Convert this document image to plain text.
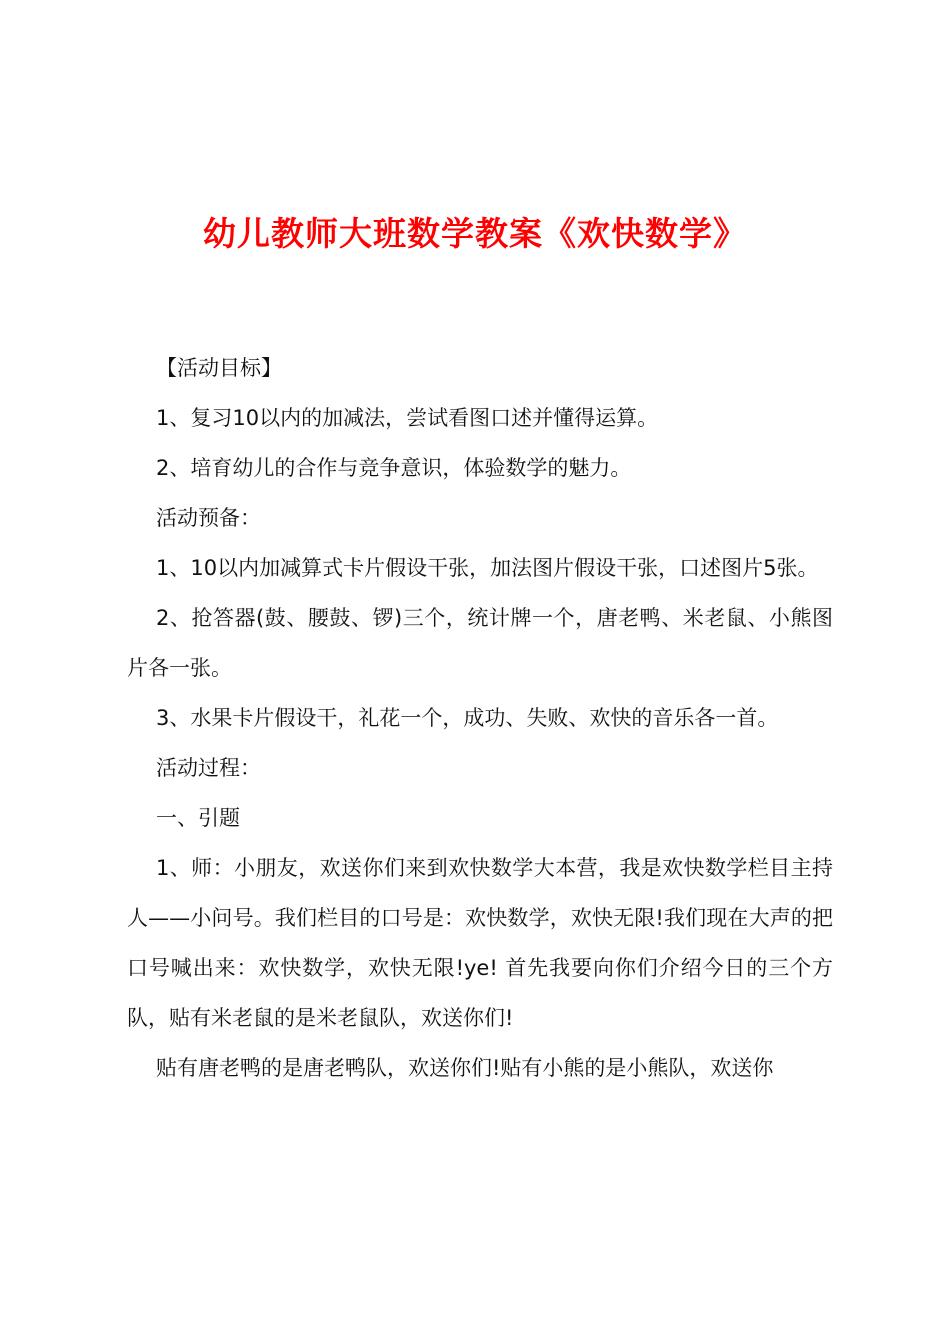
幼儿教师大班数学教案《欢快数学》

【活动目标】

1、复习10以内的加减法，尝试看图口述并懂得运算。

2、培育幼儿的合作与竞争意识，体验数学的魅力。

活动预备：

1、10以内加减算式卡片假设干张，加法图片假设干张，口述图片5张。

2、抢答器(鼓、腰鼓、锣)三个，统计牌一个，唐老鸭、米老鼠、小熊图片各一张。

3、水果卡片假设干，礼花一个，成功、失败、欢快的音乐各一首。

活动过程：

一、引题

1、师：小朋友，欢送你们来到欢快数学大本营，我是欢快数学栏目主持人——小问号。我们栏目的口号是：欢快数学，欢快无限!我们现在大声的把口号喊出来：欢快数学，欢快无限!ye! 首先我要向你们介绍今日的三个方队，贴有米老鼠的是米老鼠队，欢送你们!

贴有唐老鸭的是唐老鸭队，欢送你们!贴有小熊的是小熊队，欢送你
